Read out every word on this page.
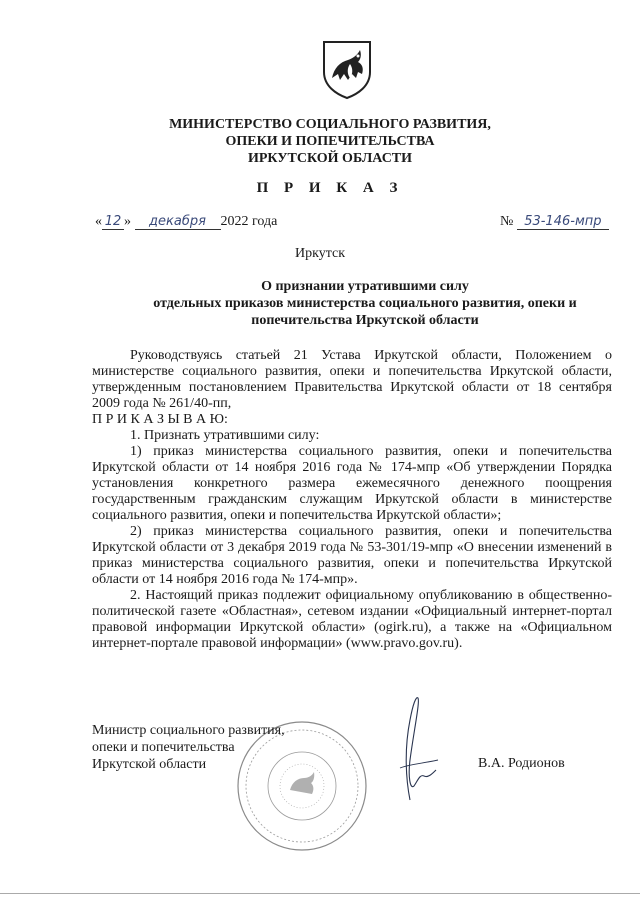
МИНИСТЕРСТВО СОЦИАЛЬНОГО РАЗВИТИЯ,
ОПЕКИ И ПОПЕЧИТЕЛЬСТВА
ИРКУТСКОЙ ОБЛАСТИ
П Р И К А З
« 12 » декабря 2022 года	№ 53-146-мпр
Иркутск
О признании утратившими силу
отдельных приказов министерства социального развития, опеки и
попечительства Иркутской области

Руководствуясь статьей 21 Устава Иркутской области, Положением о министерстве социального развития, опеки и попечительства Иркутской области, утвержденным постановлением Правительства Иркутской области от 18 сентября 2009 года № 261/40-пп,

П Р И К А З Ы В А Ю:

1. Признать утратившими силу:

1) приказ министерства социального развития, опеки и попечительства Иркутской области от 14 ноября 2016 года № 174-мпр «Об утверждении Порядка установления конкретного размера ежемесячного денежного поощрения государственным гражданским служащим Иркутской области в министерстве социального развития, опеки и попечительства Иркутской области»;

2) приказ министерства социального развития, опеки и попечительства Иркутской области от 3 декабря 2019 года № 53-301/19-мпр «О внесении изменений в приказ министерства социального развития, опеки и попечительства Иркутской области от 14 ноября 2016 года № 174-мпр».

2. Настоящий приказ подлежит официальному опубликованию в общественно-политической газете «Областная», сетевом издании «Официальный интернет-портал правовой информации Иркутской области» (ogirk.ru), а также на «Официальном интернет-портале правовой информации» (www.pravo.gov.ru).

Министр социального развития,
опеки и попечительства
Иркутской области	В.А. Родионов
